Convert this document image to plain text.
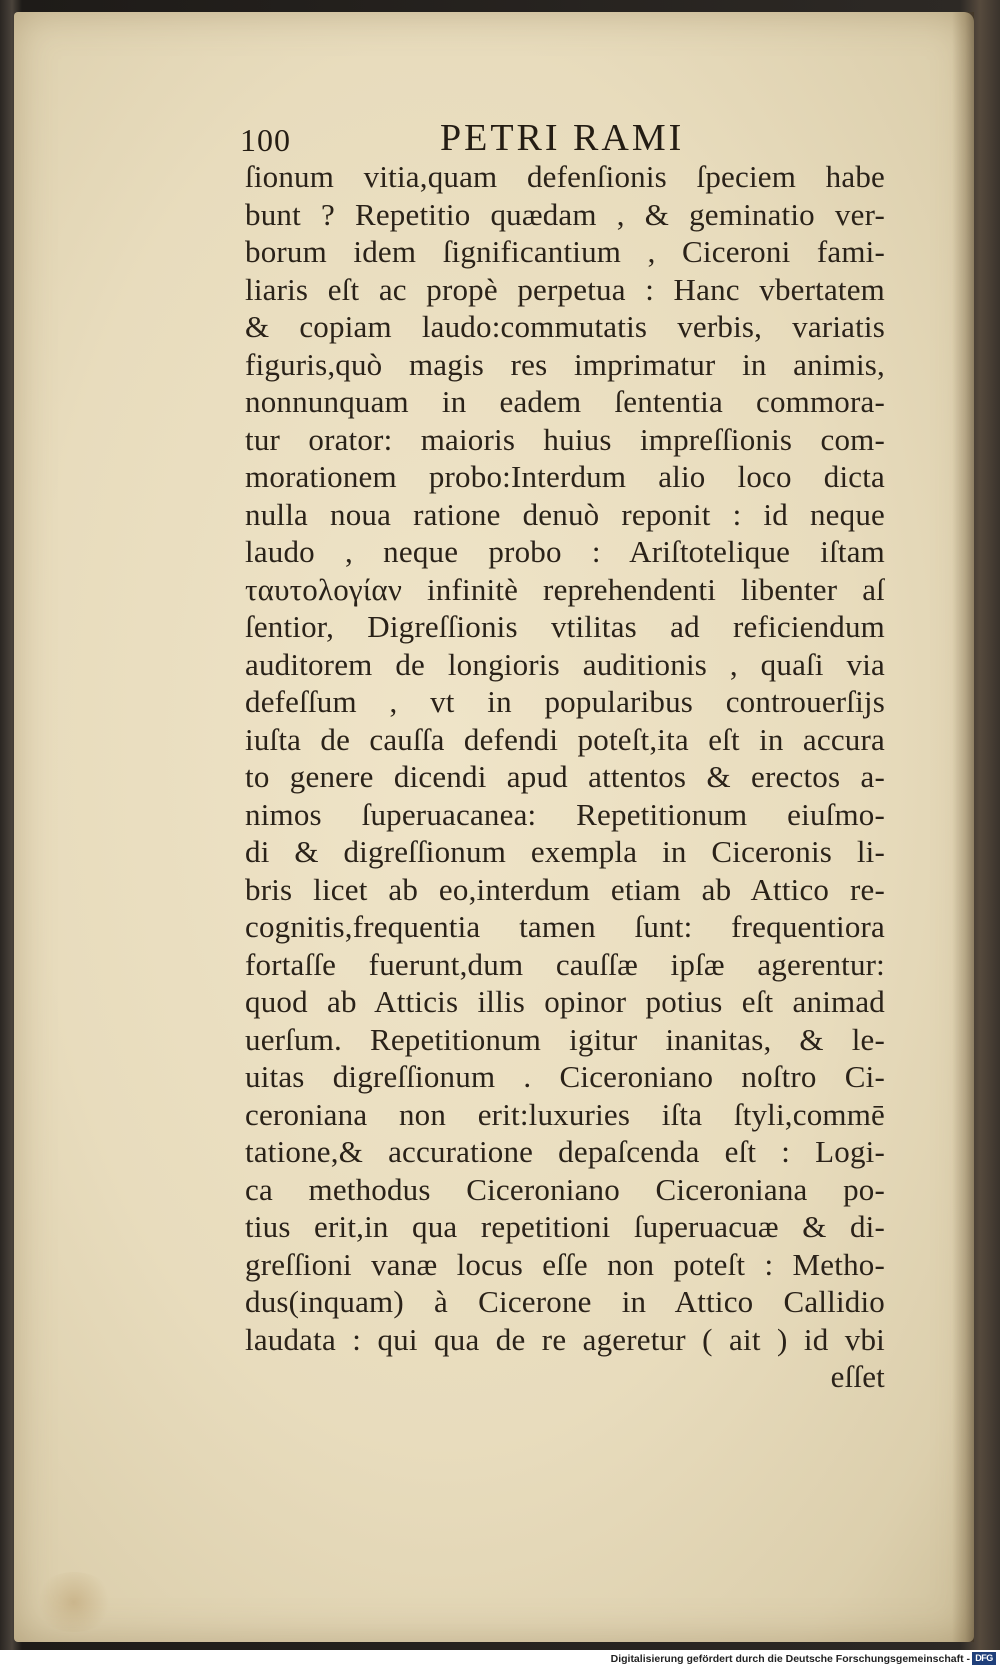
100	PETRI RAMI
ſionum vitia,quam defenſionis ſpeciem habe
bunt ? Repetitio quædam , & geminatio ver-
borum idem ſignificantium , Ciceroni fami-
liaris eſt ac propè perpetua : Hanc vbertatem
& copiam laudo:commutatis verbis, variatis
figuris,quò magis res imprimatur in animis,
nonnunquam in eadem ſententia commora-
tur orator: maioris huius impreſſionis com-
morationem probo:Interdum alio loco dicta
nulla noua ratione denuò reponit : id neque
laudo , neque probo : Ariſtotelique iſtam
ταυτολογίαν infinitè reprehendenti libenter aſ
ſentior, Digreſſionis vtilitas ad reficiendum
auditorem de longioris auditionis , quaſi via
defeſſum , vt in popularibus controuerſijs
iuſta de cauſſa defendi poteſt,ita eſt in accura
to genere dicendi apud attentos & erectos a-
nimos ſuperuacanea: Repetitionum eiuſmo-
di & digreſſionum exempla in Ciceronis li-
bris licet ab eo,interdum etiam ab Attico re-
cognitis,frequentia tamen ſunt: frequentiora
fortaſſe fuerunt,dum cauſſæ ipſæ agerentur:
quod ab Atticis illis opinor potius eſt animad
uerſum. Repetitionum igitur inanitas, & le-
uitas digreſſionum . Ciceroniano noſtro Ci-
ceroniana non erit:luxuries iſta ſtyli,commē
tatione,& accuratione depaſcenda eſt : Logi-
ca methodus Ciceroniano Ciceroniana po-
tius erit,in qua repetitioni ſuperuacuæ & di-
greſſioni vanæ locus eſſe non poteſt : Metho-
dus(inquam) à Cicerone in Attico Callidio
laudata : qui qua de re ageretur ( ait ) id vbi
eſſet
Digitalisierung gefördert durch die Deutsche Forschungsgemeinschaft - DFG
